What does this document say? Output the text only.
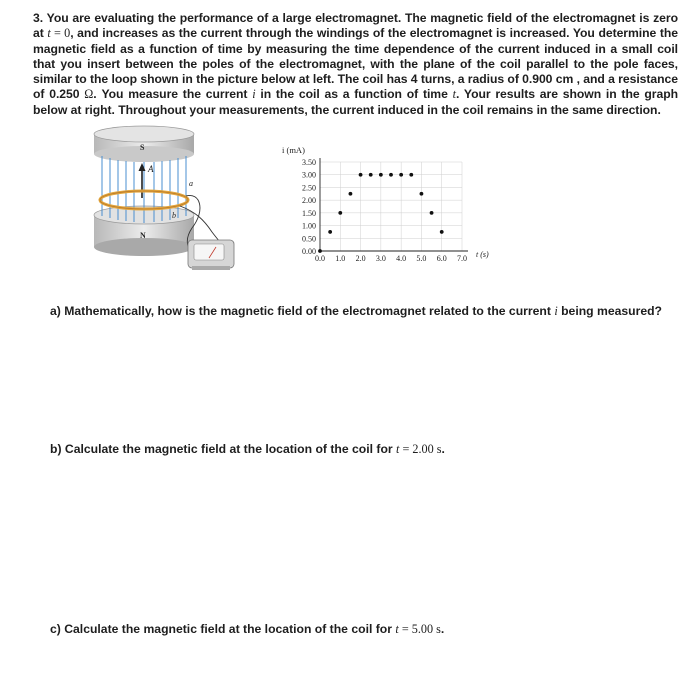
3. You are evaluating the performance of a large electromagnet. The magnetic field of the electromagnet is zero at t = 0, and increases as the current through the windings of the electromagnet is increased. You determine the magnetic field as a function of time by measuring the time dependence of the current induced in a small coil that you insert between the poles of the electromagnet, with the plane of the coil parallel to the pole faces, similar to the loop shown in the picture below at left. The coil has 4 turns, a radius of 0.900 cm , and a resistance of 0.250 Ω. You measure the current i in the coil as a function of time t. Your results are shown in the graph below at right. Throughout your measurements, the current induced in the coil remains in the same direction.
A
a
b
S
N
0.00
0.50
1.00
1.50
2.00
2.50
3.00
3.50
0.0 1.0 2.0 3.0 4.0 5.0 6.0 7.0
i (mA)
t (s)
a) Mathematically, how is the magnetic field of the electromagnet related to the current i being measured?
b) Calculate the magnetic field at the location of the coil for t = 2.00 s.
c) Calculate the magnetic field at the location of the coil for t = 5.00 s.
